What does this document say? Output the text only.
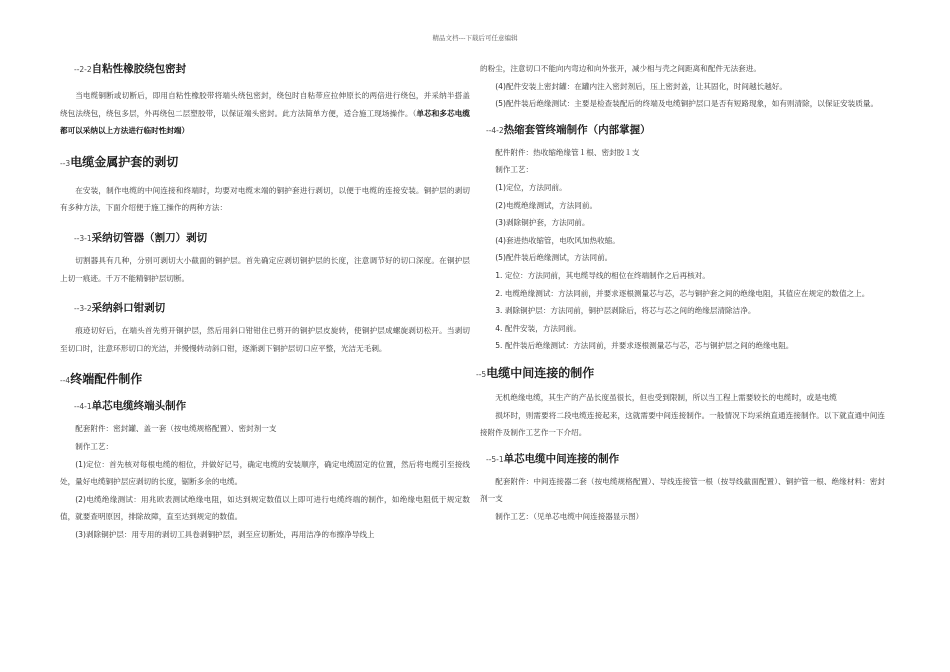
精品文档---下载后可任意编辑
--2-2自粘性橡胶绕包密封

当电缆铜断或切断后，即用自粘性橡胶带将端头绕包密封，绕包时自粘带应拉伸原长的两倍进行绕包，并采纳半搭盖绕包法绕包，绕包多层，外再绕包二层塑胶带，以保证端头密封。此方法简单方便，适合施工现场操作。（单芯和多芯电缆都可以采纳以上方法进行临时性封端）

--3电缆金属护套的剥切

在安装，制作电缆的中间连接和终端时，均要对电缆末端的铜护套进行剥切，以便于电缆的连接安装。铜护层的剥切有多种方法，下面介绍便于施工操作的两种方法：

--3-1采纳切管器（割刀）剥切

切割器具有几种，分别可剥切大小截面的铜护层。首先确定应剥切铜护层的长度，注意调节好的切口深度。在铜护层上切一痕迹。千万不能精铜护层切断。

--3-2采纳斜口钳剥切

痕迹切好后，在端头首先剪开铜护层，然后用斜口钳钳住已剪开的铜护层皮旋转，使铜护层成螺旋剥切松开。当剥切至切口时，注意环形切口的光洁，并慢慢转动斜口钳，逐渐剥下铜护层切口应平整，光洁无毛刺。

--4终端配件制作
--4-1单芯电缆终端头制作

配套附件：密封罐、盖一套（按电缆规格配置）、密封剂一支

制作工艺：

(1)定位：首先核对每根电缆的相位，并做好记号，确定电缆的安装顺序，确定电缆固定的位置，然后将电缆引至接线处，量好电缆铜护层应剥切的长度，锯断多余的电缆。

(2)电缆绝缘测试：用兆欧表测试绝缘电阻，如达到规定数值以上即可进行电缆终端的制作，如绝缘电阻低于规定数值，就要查明原因，排除故障，直至达到规定的数值。

(3)剥除铜护层：用专用的剥切工具卷剥铜护层，剥至应切断处，再用洁净的布擦净导线上

的粉尘，注意切口不能向内弯边和向外张开，减少相与壳之间距离和配件无法套进。

(4)配件安装上密封罐：在罐内注入密封剂后，压上密封盖，让其固化，时间越长越好。

(5)配件装后绝缘测试：主要是检查装配后的终端及电缆铜护层口是否有短路现象，如有则清除，以保证安装质量。

--4-2热缩套管终端制作（内部掌握）

配件附件：热收缩绝缘管１根、密封胶１支

制作工艺：

(1)定位，方法同前。

(2)电缆绝缘测试，方法同前。

(3)剥除铜护套，方法同前。

(4)套进热收缩管，电吹风加热收缩。

(5)配件装后绝缘测试，方法同前。

1. 定位：方法同前，其电缆导线的相位在终端制作之后再核对。

2. 电缆绝缘测试：方法同前，并要求逐根测量芯与芯，芯与铜护套之间的绝缘电阻，其值应在规定的数值之上。

3. 剥除铜护层：方法同前，铜护层剥除后，将芯与芯之间的绝缘层清除洁净。

4. 配件安装，方法同前。

5. 配件装后绝缘测试：方法同前，并要求逐根测量芯与芯，芯与铜护层之间的绝缘电阻。

--5电缆中间连接的制作

无机绝缘电缆，其生产的产品长度虽很长，但也受到限制，所以当工程上需要较长的电缆时，或是电缆

损坏时，则需要将二段电缆连接起来，这就需要中间连接制作。一般情况下均采纳直通连接制作。以下就直通中间连接附件及制作工艺作一下介绍。

--5-1单芯电缆中间连接的制作

配套附件：中间连接器二套（按电缆规格配置）、导线连接管一根（按导线截面配置）、铜护管一根、绝缘材料：密封剂一支

制作工艺：（见单芯电缆中间连接器显示图）
